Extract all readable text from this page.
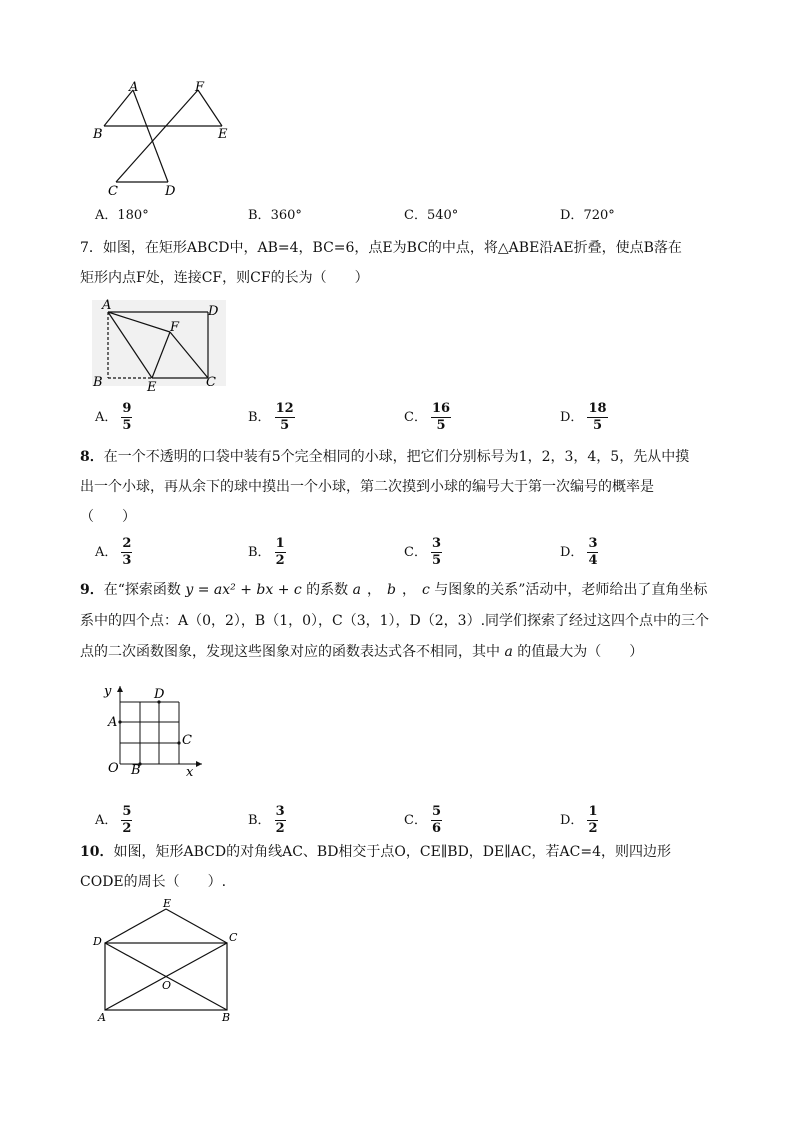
A	F
B	E
C	D
A． 180°	B． 360°	C． 540°	D． 720°
7．如图，在矩形ABCD中，AB=4，BC=6，点E为BC的中点，将△ABE沿AE折叠，使点B落在
矩形内点F处，连接CF，则CF的长为（　　）
A	D
F
B	E	C
A． $\frac{9}{5}$	B． $\frac{12}{5}$	C． $\frac{16}{5}$	D． $\frac{18}{5}$
8．在一个不透明的口袋中装有5个完全相同的小球，把它们分别标号为1，2，3，4，5，先从中摸
出一个小球，再从余下的球中摸出一个小球，第二次摸到小球的编号大于第一次编号的概率是
（　　）
A． $\frac{2}{3}$	B． $\frac{1}{2}$	C． $\frac{3}{5}$	D． $\frac{3}{4}$
9．在“探索函数 y = ax² + bx + c 的系数 a ， b ， c 与图象的关系”活动中，老师给出了直角坐标
系中的四个点：A（0，2），B（1，0），C（3，1），D（2，3）.同学们探索了经过这四个点中的三个
点的二次函数图象，发现这些图象对应的函数表达式各不相同，其中 a 的值最大为（　　）
y	D
A
C
O B	x
A． $\frac{5}{2}$	B． $\frac{3}{2}$	C． $\frac{5}{6}$	D． $\frac{1}{2}$
10．如图，矩形ABCD的对角线AC、BD相交于点O，CE∥BD，DE∥AC，若AC=4，则四边形
CODE的周长（　　）.
E
D	C
O
A	B
